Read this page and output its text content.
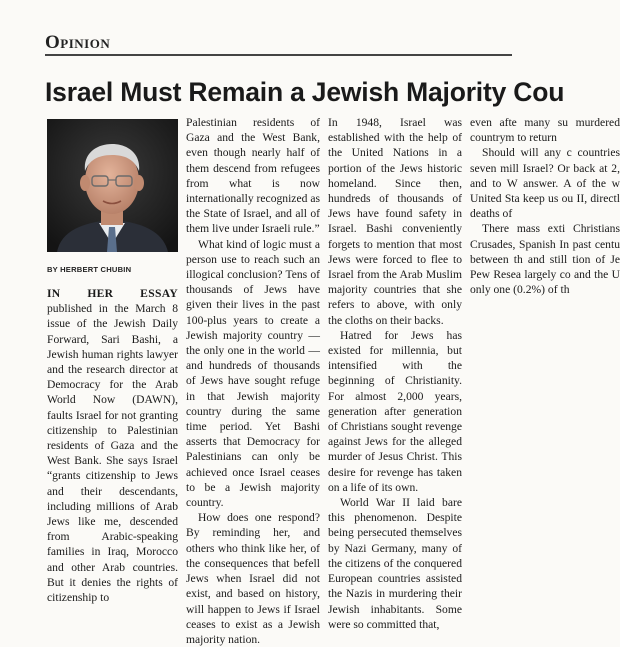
Opinion
Israel Must Remain a Jewish Majority Cou

BY HERBERT CHUBIN

IN HER ESSAY published in the March 8 issue of the Jewish Daily Forward, Sari Bashi, a Jewish human rights lawyer and the research director at Democracy for the Arab World Now (DAWN), faults Israel for not granting citizenship to Palestinian residents of Gaza and the West Bank. She says Israel “grants citizenship to Jews and their descendants, including millions of Arab Jews like me, descended from Arabic-speaking families in Iraq, Morocco and other Arab countries. But it denies the rights of citizenship to

Palestinian residents of Gaza and the West Bank, even though nearly half of them descend from refugees from what is now internationally recognized as the State of Israel, and all of them live under Israeli rule.”

What kind of logic must a person use to reach such an illogical conclusion? Tens of thousands of Jews have given their lives in the past 100-plus years to create a Jewish majority country — the only one in the world — and hundreds of thousands of Jews have sought refuge in that Jewish majority country during the same time period. Yet Bashi asserts that Democracy for Palestinians can only be achieved once Israel ceases to be a Jewish majority country.

How does one respond? By reminding her, and others who think like her, of the consequences that befell Jews when Israel did not exist, and based on history, will happen to Jews if Israel ceases to exist as a Jewish majority nation.

In 1948, Israel was established with the help of the United Nations in a portion of the Jews historic homeland. Since then, hundreds of thousands of Jews have found safety in Israel. Bashi conveniently forgets to mention that most Jews were forced to flee to Israel from the Arab Muslim majority countries that she refers to above, with only the cloths on their backs.

Hatred for Jews has existed for millennia, but intensified with the beginning of Christianity. For almost 2,000 years, generation after generation of Christians sought revenge against Jews for the alleged murder of Jesus Christ. This desire for revenge has taken on a life of its own.

World War II laid bare this phenomenon. Despite being persecuted themselves by Nazi Germany, many of the citizens of the conquered European countries assisted the Nazis in murdering their Jewish inhabitants. Some were so committed that,

even afte many su murdered countrym to return

Should will any c countries seven mill Israel? Or back at 2, and to W answer. A of the w United Sta keep us ou II, directl deaths of

There mass exti Christians Crusades, Spanish In past centu between th and still tion of Je Pew Resea largely co and the U only one (0.2%) of th
